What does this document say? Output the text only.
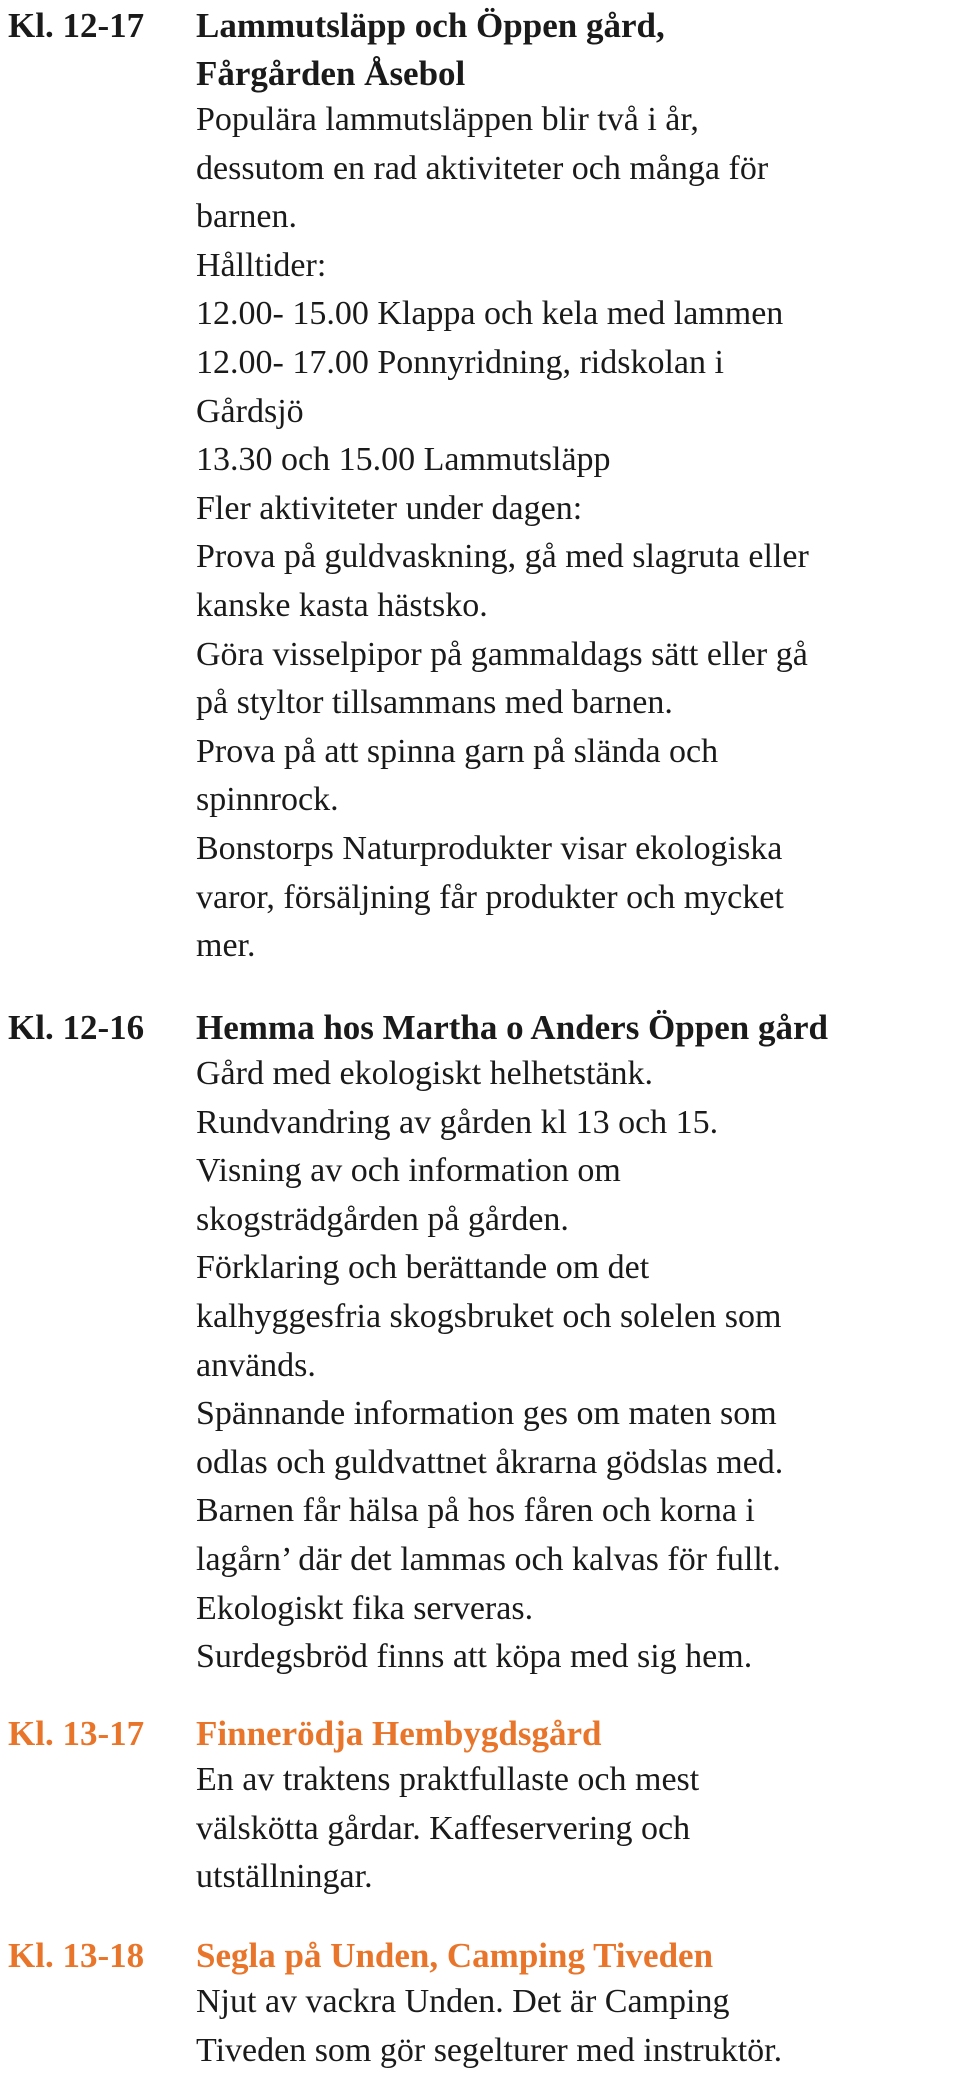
Kl. 12-17 Lammutsläpp och Öppen gård,
Fårgården Åsebol
Populära lammutsläppen blir två i år,
dessutom en rad aktiviteter och många för
barnen.
Hålltider:
12.00- 15.00 Klappa och kela med lammen
12.00- 17.00 Ponnyridning, ridskolan i
Gårdsjö
13.30 och 15.00 Lammutsläpp
Fler aktiviteter under dagen:
Prova på guldvaskning, gå med slagruta eller
kanske kasta hästsko.
Göra visselpipor på gammaldags sätt eller gå
på styltor tillsammans med barnen.
Prova på att spinna garn på slända och
spinnrock.
Bonstorps Naturprodukter visar ekologiska
varor, försäljning får produkter och mycket
mer.
Kl. 12-16 Hemma hos Martha o Anders Öppen gård
Gård med ekologiskt helhetstänk.
Rundvandring av gården kl 13 och 15.
Visning av och information om
skogsträdgården på gården.
Förklaring och berättande om det
kalhyggesfria skogsbruket och solelen som
används.
Spännande information ges om maten som
odlas och guldvattnet åkrarna gödslas med.
Barnen får hälsa på hos fåren och korna i
lagårn’ där det lammas och kalvas för fullt.
Ekologiskt fika serveras.
Surdegsbröd finns att köpa med sig hem.
Kl. 13-17 Finnerödja Hembygdsgård
En av traktens praktfullaste och mest
välskötta gårdar. Kaffeservering och
utställningar.
Kl. 13-18 Segla på Unden, Camping Tiveden
Njut av vackra Unden. Det är Camping
Tiveden som gör segelturer med instruktör.
